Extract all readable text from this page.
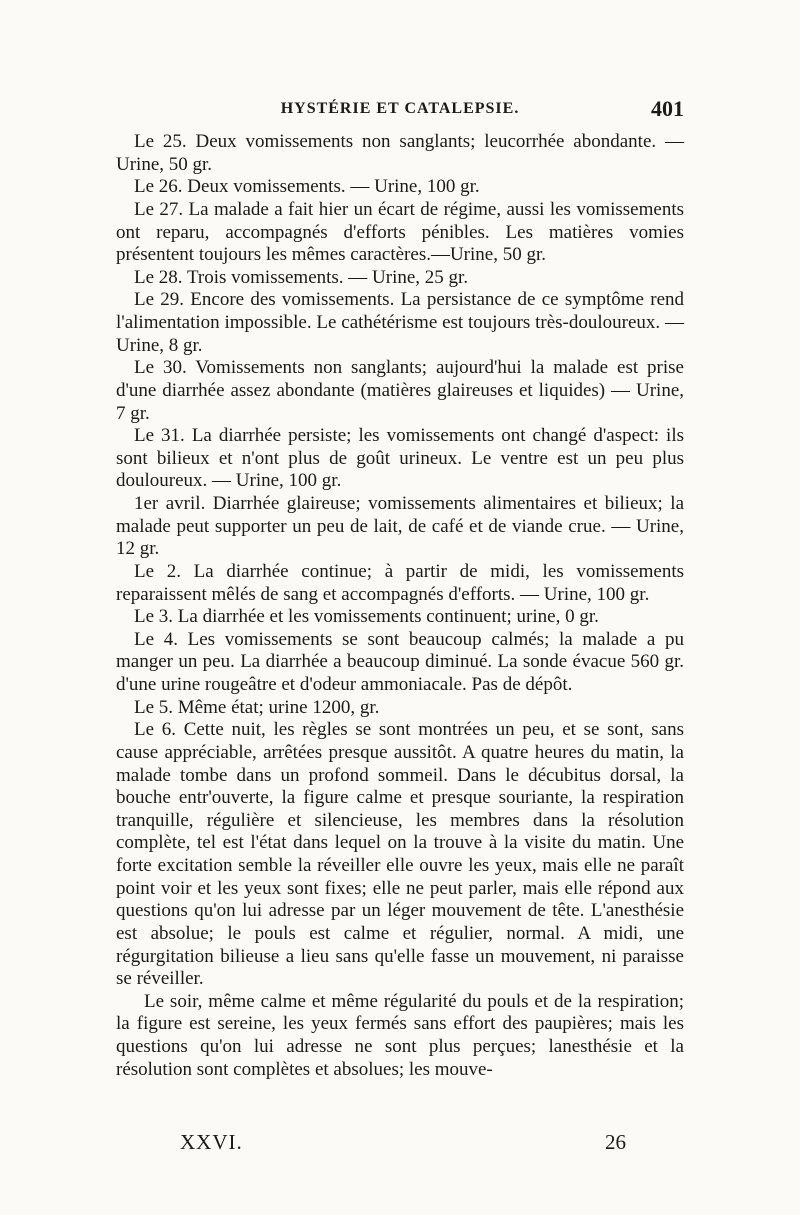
HYSTÉRIE ET CATALEPSIE.	401

Le 25. Deux vomissements non sanglants; leucorrhée abondante. — Urine, 50 gr.

Le 26. Deux vomissements. — Urine, 100 gr.

Le 27. La malade a fait hier un écart de régime, aussi les vomissements ont reparu, accompagnés d'efforts pénibles. Les matières vomies présentent toujours les mêmes caractères.—Urine, 50 gr.

Le 28. Trois vomissements. — Urine, 25 gr.

Le 29. Encore des vomissements. La persistance de ce symptôme rend l'alimentation impossible. Le cathétérisme est toujours très-douloureux. — Urine, 8 gr.

Le 30. Vomissements non sanglants; aujourd'hui la malade est prise d'une diarrhée assez abondante (matières glaireuses et liquides) — Urine, 7 gr.

Le 31. La diarrhée persiste; les vomissements ont changé d'aspect: ils sont bilieux et n'ont plus de goût urineux. Le ventre est un peu plus douloureux. — Urine, 100 gr.

1er avril. Diarrhée glaireuse; vomissements alimentaires et bilieux; la malade peut supporter un peu de lait, de café et de viande crue. — Urine, 12 gr.

Le 2. La diarrhée continue; à partir de midi, les vomissements reparaissent mêlés de sang et accompagnés d'efforts. — Urine, 100 gr.

Le 3. La diarrhée et les vomissements continuent; urine, 0 gr.

Le 4. Les vomissements se sont beaucoup calmés; la malade a pu manger un peu. La diarrhée a beaucoup diminué. La sonde évacue 560 gr. d'une urine rougeâtre et d'odeur ammoniacale. Pas de dépôt.

Le 5. Même état; urine 1200, gr.

Le 6. Cette nuit, les règles se sont montrées un peu, et se sont, sans cause appréciable, arrêtées presque aussitôt. A quatre heures du matin, la malade tombe dans un profond sommeil. Dans le décubitus dorsal, la bouche entr'ouverte, la figure calme et presque souriante, la respiration tranquille, régulière et silencieuse, les membres dans la résolution complète, tel est l'état dans lequel on la trouve à la visite du matin. Une forte excitation semble la réveiller elle ouvre les yeux, mais elle ne paraît point voir et les yeux sont fixes; elle ne peut parler, mais elle répond aux questions qu'on lui adresse par un léger mouvement de tête. L'anesthésie est absolue; le pouls est calme et régulier, normal. A midi, une régurgitation bilieuse a lieu sans qu'elle fasse un mouvement, ni paraisse se réveiller.

Le soir, même calme et même régularité du pouls et de la respiration; la figure est sereine, les yeux fermés sans effort des paupières; mais les questions qu'on lui adresse ne sont plus perçues; lanesthésie et la résolution sont complètes et absolues; les mouve-

XXVI.	26
